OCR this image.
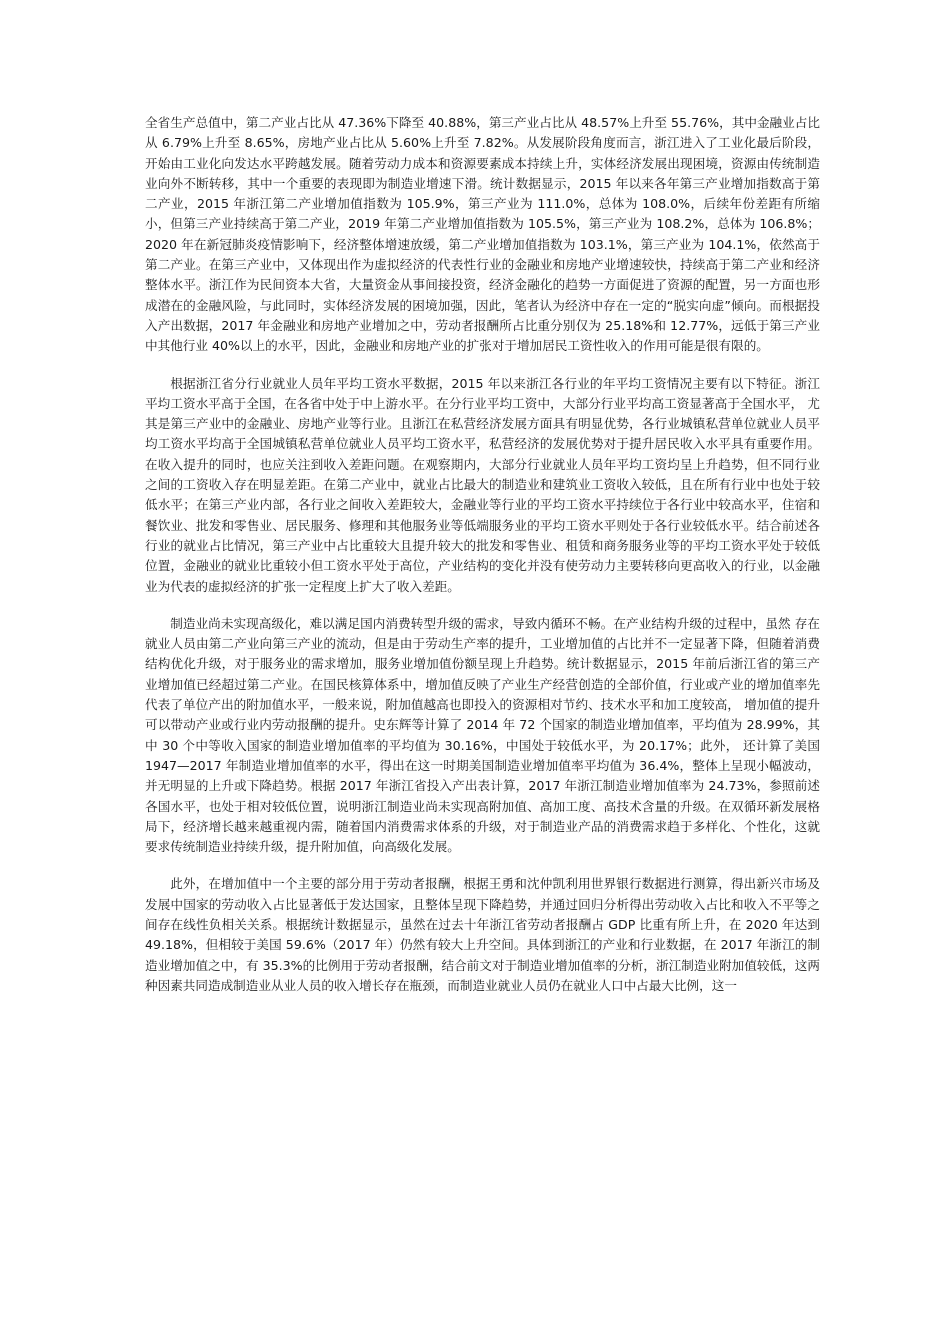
全省生产总值中，第二产业占比从 47.36%下降至 40.88%，第三产业占比从 48.57%上升至 55.76%，其中金融业占比从 6.79%上升至 8.65%，房地产业占比从 5.60%上升至 7.82%。从发展阶段角度而言，浙江进入了工业化最后阶段，开始由工业化向发达水平跨越发展。随着劳动力成本和资源要素成本持续上升，实体经济发展出现困境，资源由传统制造业向外不断转移，其中一个重要的表现即为制造业增速下滑。统计数据显示，2015 年以来各年第三产业增加指数高于第二产业，2015 年浙江第二产业增加值指数为 105.9%，第三产业为 111.0%，总体为 108.0%，后续年份差距有所缩小，但第三产业持续高于第二产业，2019 年第二产业增加值指数为 105.5%，第三产业为 108.2%，总体为 106.8%； 2020 年在新冠肺炎疫情影响下，经济整体增速放缓，第二产业增加值指数为 103.1%，第三产业为 104.1%，依然高于第二产业。在第三产业中，又体现出作为虚拟经济的代表性行业的金融业和房地产业增速较快，持续高于第二产业和经济整体水平。浙江作为民间资本大省，大量资金从事间接投资，经济金融化的趋势一方面促进了资源的配置，另一方面也形成潜在的金融风险，与此同时，实体经济发展的困境加强，因此，笔者认为经济中存在一定的“脱实向虚”倾向。而根据投入产出数据，2017 年金融业和房地产业增加之中，劳动者报酬所占比重分别仅为 25.18%和 12.77%，远低于第三产业中其他行业 40%以上的水平，因此，金融业和房地产业的扩张对于增加居民工资性收入的作用可能是很有限的。

根据浙江省分行业就业人员年平均工资水平数据，2015 年以来浙江各行业的年平均工资情况主要有以下特征。浙江平均工资水平高于全国，在各省中处于中上游水平。在分行业平均工资中，大部分行业平均高工资显著高于全国水平， 尤其是第三产业中的金融业、房地产业等行业。且浙江在私营经济发展方面具有明显优势，各行业城镇私营单位就业人员平均工资水平均高于全国城镇私营单位就业人员平均工资水平，私营经济的发展优势对于提升居民收入水平具有重要作用。在收入提升的同时，也应关注到收入差距问题。在观察期内，大部分行业就业人员年平均工资均呈上升趋势，但不同行业之间的工资收入存在明显差距。在第二产业中，就业占比最大的制造业和建筑业工资收入较低，且在所有行业中也处于较低水平；在第三产业内部，各行业之间收入差距较大，金融业等行业的平均工资水平持续位于各行业中较高水平，住宿和餐饮业、批发和零售业、居民服务、修理和其他服务业等低端服务业的平均工资水平则处于各行业较低水平。结合前述各行业的就业占比情况，第三产业中占比重较大且提升较大的批发和零售业、租赁和商务服务业等的平均工资水平处于较低位置，金融业的就业比重较小但工资水平处于高位，产业结构的变化并没有使劳动力主要转移向更高收入的行业，以金融业为代表的虚拟经济的扩张一定程度上扩大了收入差距。

制造业尚未实现高级化，难以满足国内消费转型升级的需求，导致内循环不畅。在产业结构升级的过程中，虽然 存在就业人员由第二产业向第三产业的流动，但是由于劳动生产率的提升，工业增加值的占比并不一定显著下降，但随着消费结构优化升级，对于服务业的需求增加，服务业增加值份额呈现上升趋势。统计数据显示，2015 年前后浙江省的第三产业增加值已经超过第二产业。在国民核算体系中，增加值反映了产业生产经营创造的全部价值，行业或产业的增加值率先代表了单位产出的附加值水平，一般来说，附加值越高也即投入的资源相对节约、技术水平和加工度较高， 增加值的提升可以带动产业或行业内劳动报酬的提升。史东辉等计算了 2014 年 72 个国家的制造业增加值率，平均值为 28.99%，其中 30 个中等收入国家的制造业增加值率的平均值为 30.16%，中国处于较低水平，为 20.17%；此外， 还计算了美国 1947—2017 年制造业增加值率的水平，得出在这一时期美国制造业增加值率平均值为 36.4%，整体上呈现小幅波动，并无明显的上升或下降趋势。根据 2017 年浙江省投入产出表计算，2017 年浙江制造业增加值率为 24.73%，参照前述各国水平，也处于相对较低位置，说明浙江制造业尚未实现高附加值、高加工度、高技术含量的升级。在双循环新发展格局下，经济增长越来越重视内需，随着国内消费需求体系的升级，对于制造业产品的消费需求趋于多样化、个性化，这就要求传统制造业持续升级，提升附加值，向高级化发展。

此外，在增加值中一个主要的部分用于劳动者报酬，根据王勇和沈仲凯利用世界银行数据进行测算，得出新兴市场及发展中国家的劳动收入占比显著低于发达国家，且整体呈现下降趋势，并通过回归分析得出劳动收入占比和收入不平等之间存在线性负相关关系。根据统计数据显示，虽然在过去十年浙江省劳动者报酬占 GDP 比重有所上升，在 2020 年达到 49.18%，但相较于美国 59.6%（2017 年）仍然有较大上升空间。具体到浙江的产业和行业数据，在 2017 年浙江的制造业增加值之中，有 35.3%的比例用于劳动者报酬，结合前文对于制造业增加值率的分析，浙江制造业附加值较低，这两种因素共同造成制造业从业人员的收入增长存在瓶颈，而制造业就业人员仍在就业人口中占最大比例，这一
